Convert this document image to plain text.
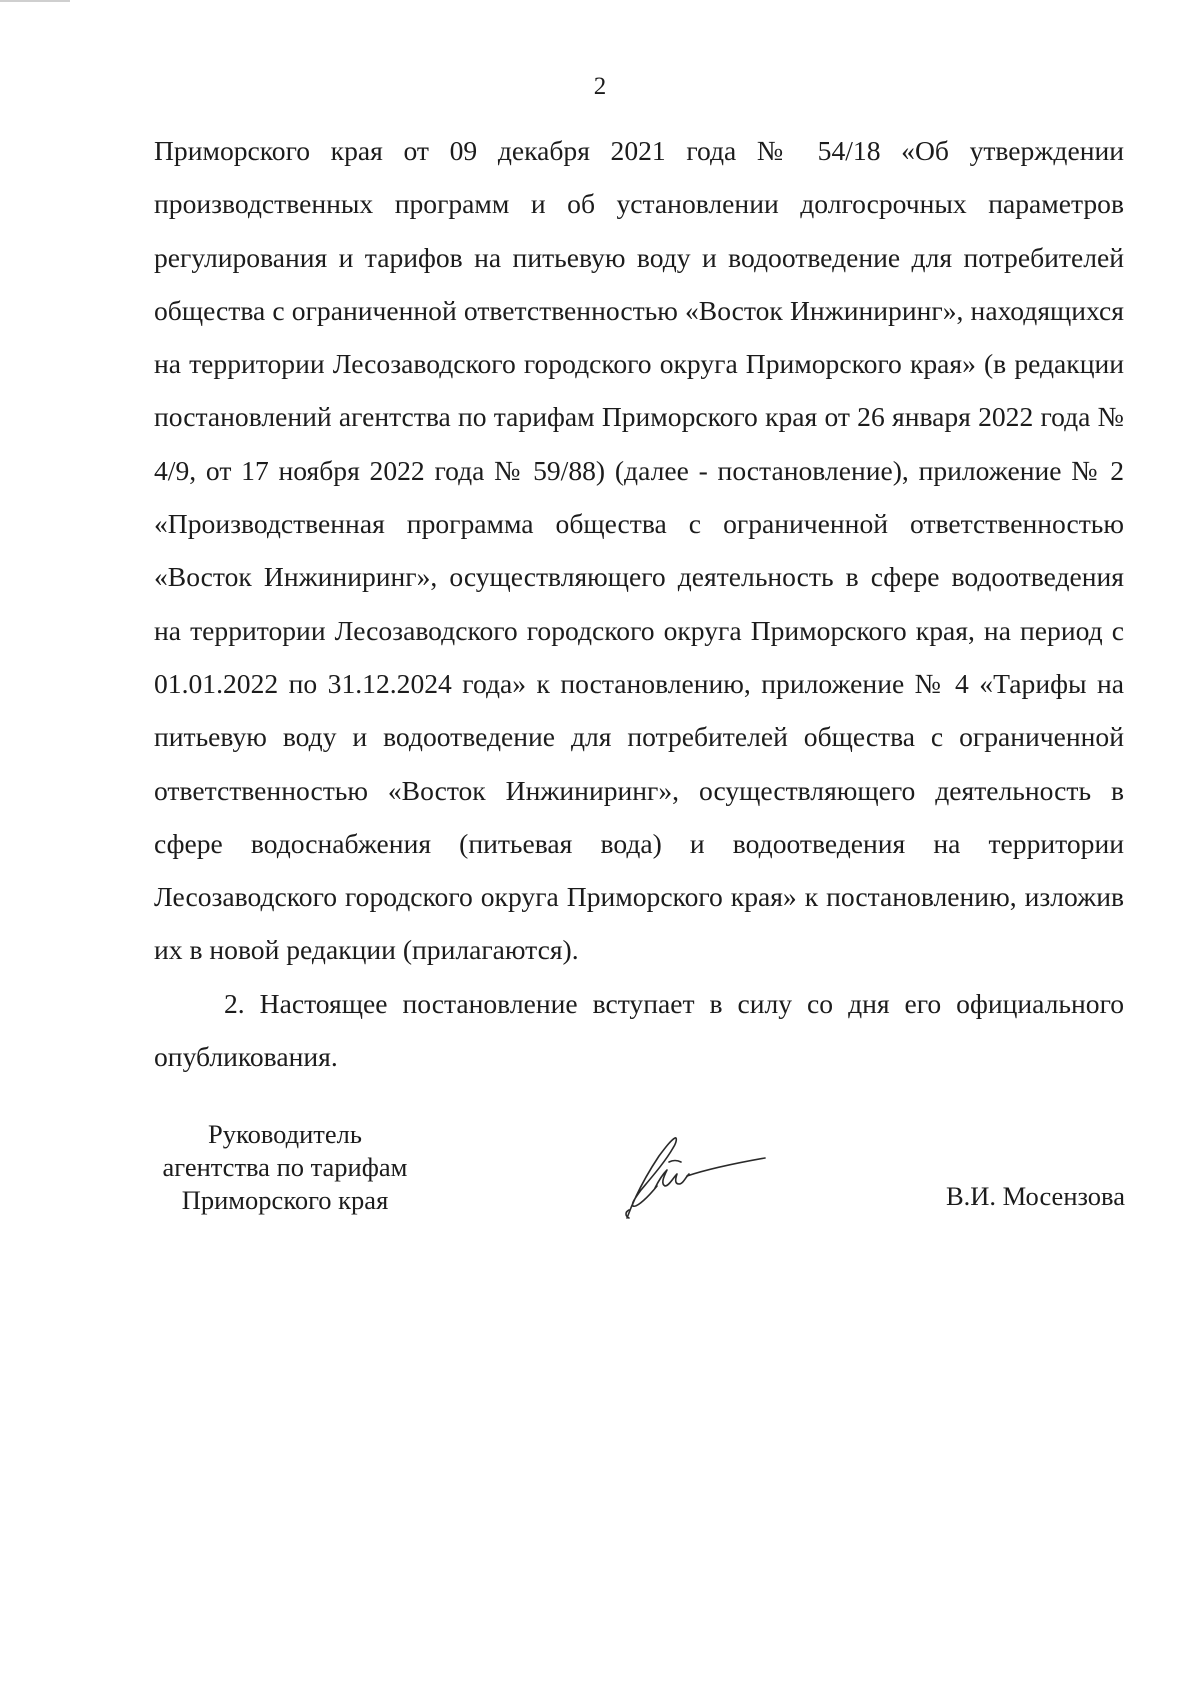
2

Приморского края от 09 декабря 2021 года № 54/18 «Об утверждении производственных программ и об установлении долгосрочных параметров регулирования и тарифов на питьевую воду и водоотведение для потребителей общества с ограниченной ответственностью «Восток Инжиниринг», находящихся на территории Лесозаводского городского округа Приморского края» (в редакции постановлений агентства по тарифам Приморского края от 26 января 2022 года № 4/9, от 17 ноября 2022 года № 59/88) (далее - постановление), приложение № 2 «Производственная программа общества с ограниченной ответственностью «Восток Инжиниринг», осуществляющего деятельность в сфере водоотведения на территории Лесозаводского городского округа Приморского края, на период с 01.01.2022 по 31.12.2024 года» к постановлению, приложение № 4 «Тарифы на питьевую воду и водоотведение для потребителей общества с ограниченной ответственностью «Восток Инжиниринг», осуществляющего деятельность в сфере водоснабжения (питьевая вода) и водоотведения на территории Лесозаводского городского округа Приморского края» к постановлению, изложив их в новой редакции (прилагаются).

2. Настоящее постановление вступает в силу со дня его официального опубликования.

Руководитель
агентства по тарифам
Приморского края	В.И. Мосензова
